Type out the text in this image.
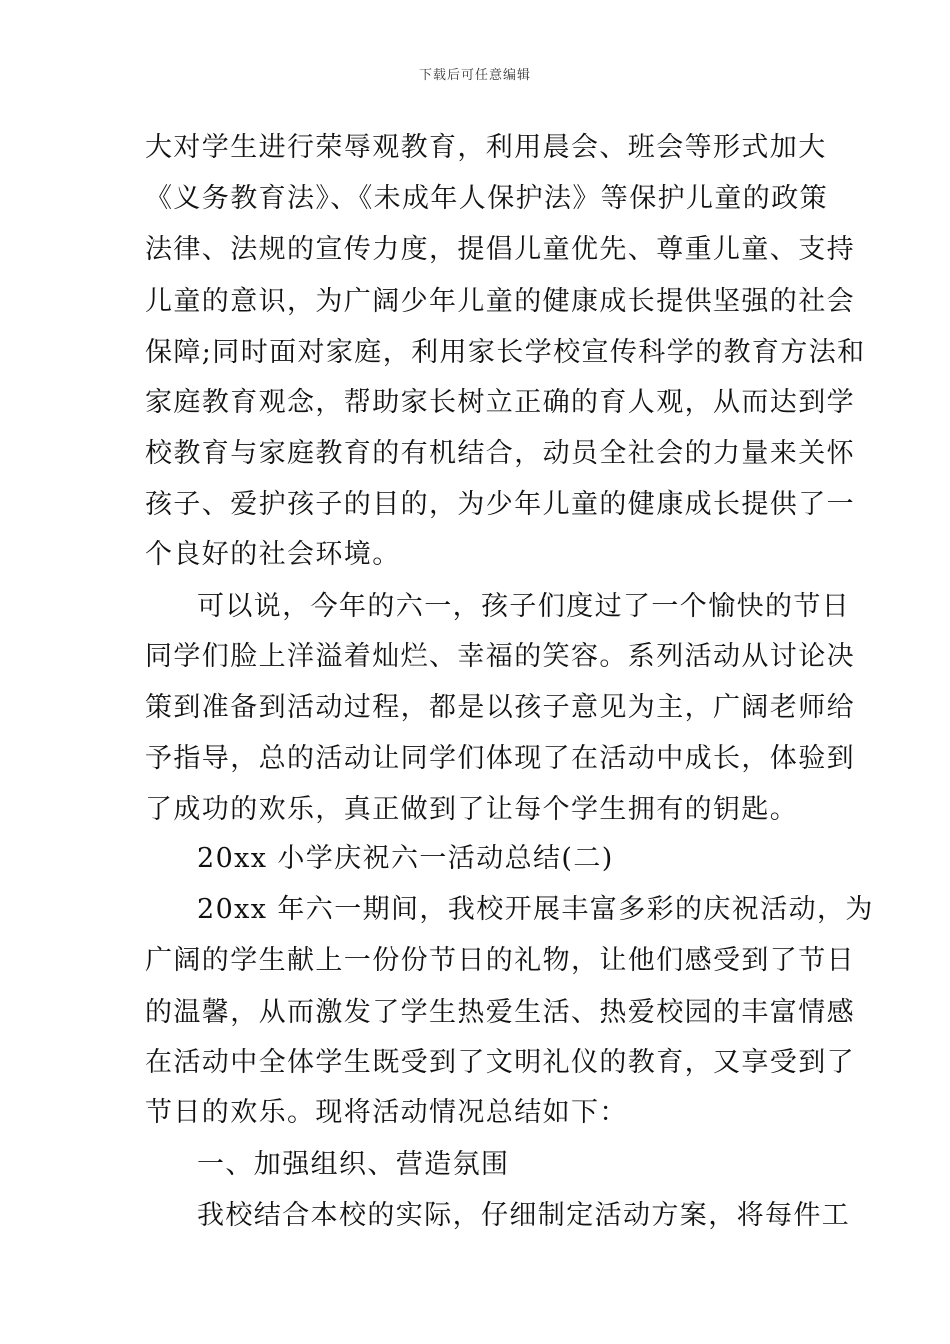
下载后可任意编辑
大对学生进行荣辱观教育，利用晨会、班会等形式加大
《义务教育法》、《未成年人保护法》等保护儿童的政策
法律、法规的宣传力度，提倡儿童优先、尊重儿童、支持
儿童的意识，为广阔少年儿童的健康成长提供坚强的社会
保障;同时面对家庭，利用家长学校宣传科学的教育方法和
家庭教育观念，帮助家长树立正确的育人观，从而达到学
校教育与家庭教育的有机结合，动员全社会的力量来关怀
孩子、爱护孩子的目的，为少年儿童的健康成长提供了一
个良好的社会环境。
可以说，今年的六一，孩子们度过了一个愉快的节日
同学们脸上洋溢着灿烂、幸福的笑容。系列活动从讨论决
策到准备到活动过程，都是以孩子意见为主，广阔老师给
予指导，总的活动让同学们体现了在活动中成长，体验到
了成功的欢乐，真正做到了让每个学生拥有的钥匙。
20xx 小学庆祝六一活动总结(二)
20xx 年六一期间，我校开展丰富多彩的庆祝活动，为
广阔的学生献上一份份节日的礼物，让他们感受到了节日
的温馨，从而激发了学生热爱生活、热爱校园的丰富情感
在活动中全体学生既受到了文明礼仪的教育，又享受到了
节日的欢乐。现将活动情况总结如下：
一、加强组织、营造氛围
我校结合本校的实际，仔细制定活动方案，将每件工
